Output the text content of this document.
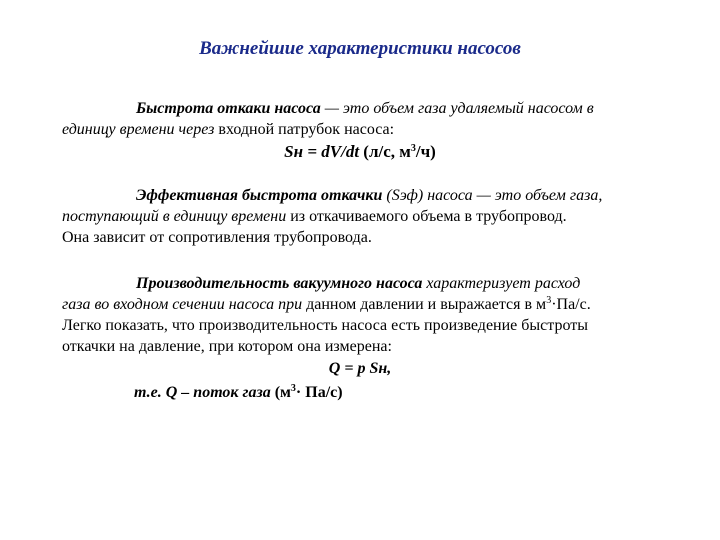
Важнейшие характеристики насосов
Быстрота откаки насоса — это объем газа удаляемый насосом в
единицу времени через входной патрубок насоса:
Sн = dV/dt (л/с, $м^3/ч$)
Эффективная быстрота откачки (Sэф) насоса — это объем газа,
поступающий в единицу времени из откачиваемого объема в трубопровод.
Она зависит от сопротивления трубопровода.
Производительность вакуумного насоса характеризует расход
газа во входном сечении насоса при данном давлении и выражается в $м^3\cdot Па/с$.
Легко показать, что производительность насоса есть произведение быстроты
откачки на давление, при котором она измерена:
Q = p Sн,
т.е. Q – поток газа $(м^3\cdot Па/с)$
